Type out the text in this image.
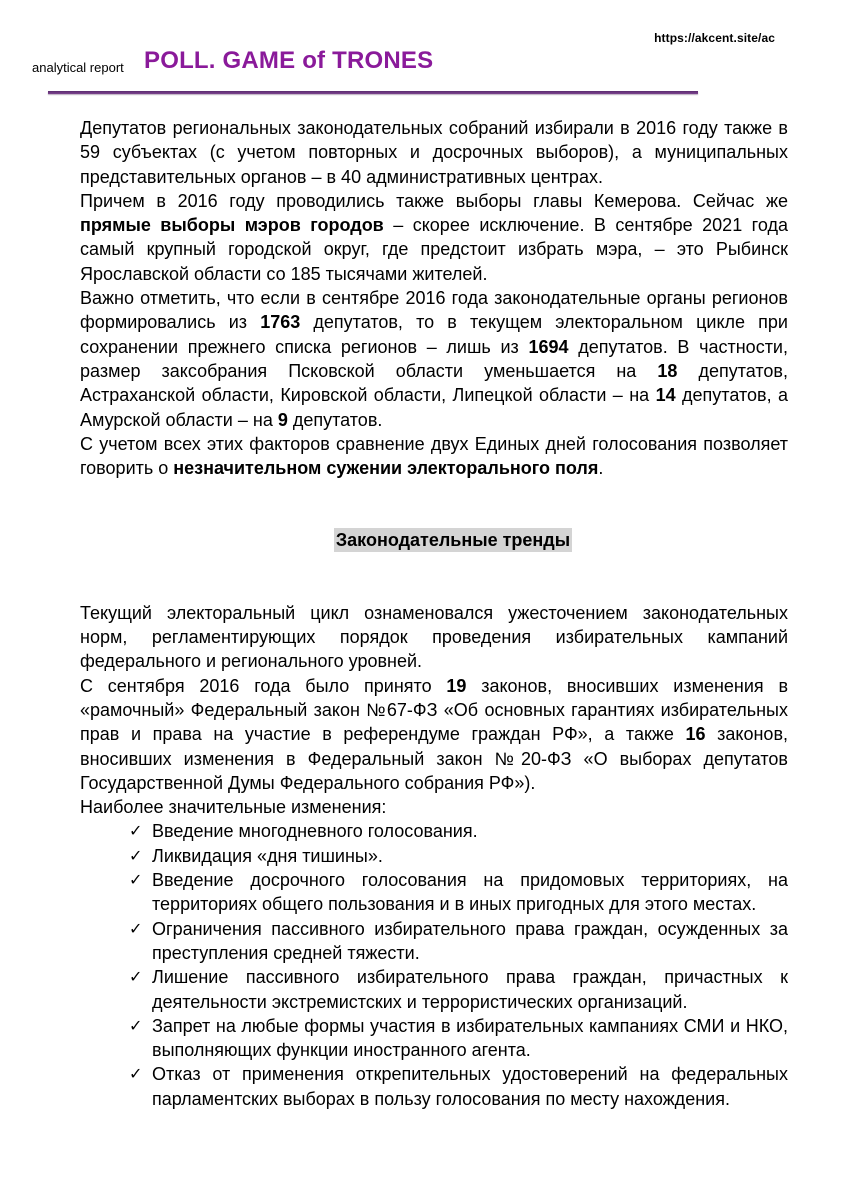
https://akcent.site/ac
analytical report POLL. GAME of TRONES

Депутатов региональных законодательных собраний избирали в 2016 году также в 59 субъектах (с учетом повторных и досрочных выборов), а муниципальных представительных органов – в 40 административных центрах.

Причем в 2016 году проводились также выборы главы Кемерова. Сейчас же прямые выборы мэров городов – скорее исключение. В сентябре 2021 года самый крупный городской округ, где предстоит избрать мэра, – это Рыбинск Ярославской области со 185 тысячами жителей.

Важно отметить, что если в сентябре 2016 года законодательные органы регионов формировались из 1763 депутатов, то в текущем электоральном цикле при сохранении прежнего списка регионов – лишь из 1694 депутатов. В частности, размер заксобрания Псковской области уменьшается на 18 депутатов, Астраханской области, Кировской области, Липецкой области – на 14 депутатов, а Амурской области – на 9 депутатов.

С учетом всех этих факторов сравнение двух Единых дней голосования позволяет говорить о незначительном сужении электорального поля.

Законодательные тренды

Текущий электоральный цикл ознаменовался ужесточением законодательных норм, регламентирующих порядок проведения избирательных кампаний федерального и регионального уровней.

С сентября 2016 года было принято 19 законов, вносивших изменения в «рамочный» Федеральный закон №67-ФЗ «Об основных гарантиях избирательных прав и права на участие в референдуме граждан РФ», а также 16 законов, вносивших изменения в Федеральный закон №20-ФЗ «О выборах депутатов Государственной Думы Федерального собрания РФ»).

Наиболее значительные изменения:

✓ Введение многодневного голосования.
✓ Ликвидация «дня тишины».
✓ Введение досрочного голосования на придомовых территориях, на территориях общего пользования и в иных пригодных для этого местах.
✓ Ограничения пассивного избирательного права граждан, осужденных за преступления средней тяжести.
✓ Лишение пассивного избирательного права граждан, причастных к деятельности экстремистских и террористических организаций.
✓ Запрет на любые формы участия в избирательных кампаниях СМИ и НКО, выполняющих функции иностранного агента.
✓ Отказ от применения открепительных удостоверений на федеральных парламентских выборах в пользу голосования по месту нахождения.
